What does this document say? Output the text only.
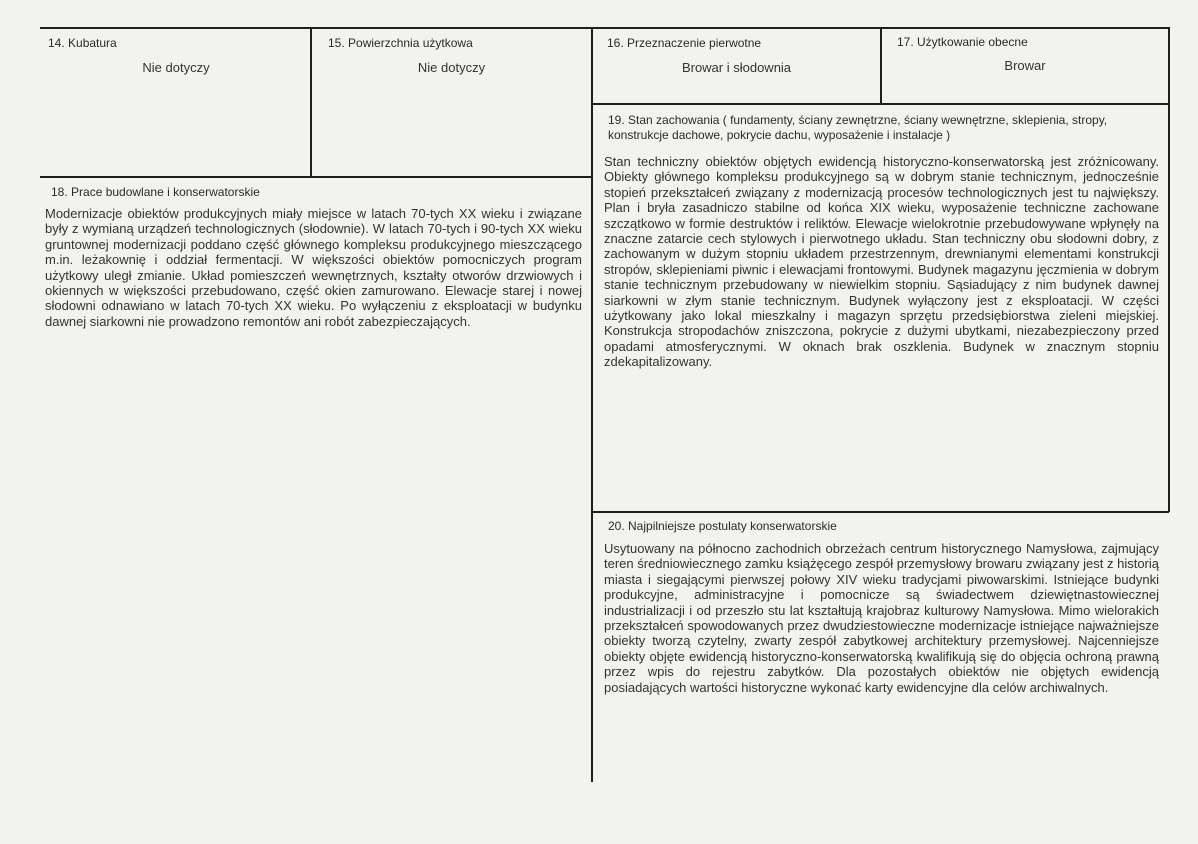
14. Kubatura
Nie dotyczy
15. Powierzchnia użytkowa
Nie dotyczy
16. Przeznaczenie pierwotne
Browar i słodownia
17. Użytkowanie obecne
Browar
18. Prace budowlane i konserwatorskie
Modernizacje obiektów produkcyjnych miały miejsce w latach 70-tych XX wieku i związane były z wymianą urządzeń technologicznych (słodownie). W latach 70-tych i 90-tych XX wieku gruntownej modernizacji poddano część głównego kompleksu produkcyjnego mieszczącego m.in. leżakownię i oddział fermentacji. W większości obiektów pomocniczych program użytkowy uległ zmianie. Układ pomieszczeń wewnętrznych, kształty otworów drzwiowych i okiennych w większości przebudowano, część okien zamurowano. Elewacje starej i nowej słodowni odnawiano w latach 70-tych XX wieku. Po wyłączeniu z eksploatacji w budynku dawnej siarkowni nie prowadzono remontów ani robót zabezpieczających.
19. Stan zachowania ( fundamenty, ściany zewnętrzne, ściany wewnętrzne, sklepienia, stropy, konstrukcje dachowe, pokrycie dachu, wyposażenie i instalacje )
Stan techniczny obiektów objętych ewidencją historyczno-konserwatorską jest zróżnicowany. Obiekty głównego kompleksu produkcyjnego są w dobrym stanie technicznym, jednocześnie stopień przekształceń związany z modernizacją procesów technologicznych jest tu największy. Plan i bryła zasadniczo stabilne od końca XIX wieku, wyposażenie techniczne zachowane szczątkowo w formie destruktów i reliktów. Elewacje wielokrotnie przebudowywane wpłynęły na znaczne zatarcie cech stylowych i pierwotnego układu. Stan techniczny obu słodowni dobry, z zachowanym w dużym stopniu układem przestrzennym, drewnianymi elementami konstrukcji stropów, sklepieniami piwnic i elewacjami frontowymi. Budynek magazynu jęczmienia w dobrym stanie technicznym przebudowany w niewielkim stopniu. Sąsiadujący z nim budynek dawnej siarkowni w złym stanie technicznym. Budynek wyłączony jest z eksploatacji. W części użytkowany jako lokal mieszkalny i magazyn sprzętu przedsiębiorstwa zieleni miejskiej. Konstrukcja stropodachów zniszczona, pokrycie z dużymi ubytkami, niezabezpieczony przed opadami atmosferycznymi. W oknach brak oszklenia. Budynek w znacznym stopniu zdekapitalizowany.
20. Najpilniejsze postulaty konserwatorskie
Usytuowany na północno zachodnich obrzeżach centrum historycznego Namysłowa, zajmujący teren średniowiecznego zamku książęcego zespół przemysłowy browaru związany jest z historią miasta i siegającymi pierwszej połowy XIV wieku tradycjami piwowarskimi. Istniejące budynki produkcyjne, administracyjne i pomocnicze są świadectwem dziewiętnastowiecznej industrializacji i od przeszło stu lat kształtują krajobraz kulturowy Namysłowa. Mimo wielorakich przekształceń spowodowanych przez dwudziestowieczne modernizacje istniejące najważniejsze obiekty tworzą czytelny, zwarty zespół zabytkowej architektury przemysłowej. Najcenniejsze obiekty objęte ewidencją historyczno-konserwatorską kwalifikują się do objęcia ochroną prawną przez wpis do rejestru zabytków. Dla pozostałych obiektów nie objętych ewidencją posiadających wartości historyczne wykonać karty ewidencyjne dla celów archiwalnych.
